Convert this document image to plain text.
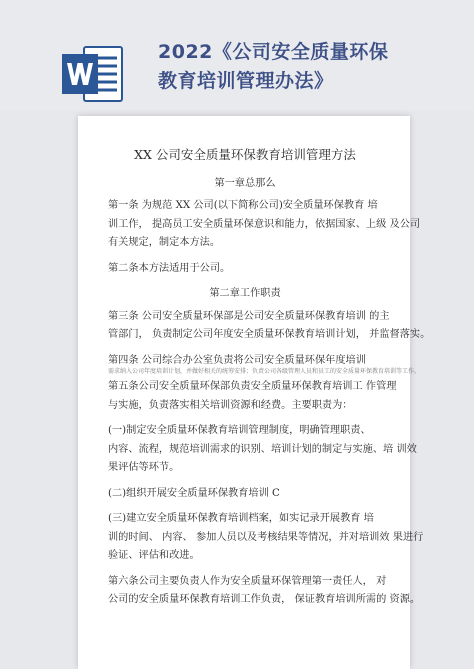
2022《公司安全质量环保
教育培训管理办法》
XX 公司安全质量环保教育培训管理方法
第一章总那么
第一条 为规范 XX 公司(以下简称公司)安全质量环保教育 培
训工作， 提高员工安全质量环保意识和能力，依据国家、上级 及公司
有关规定，制定本方法。
第二条本方法适用于公司。
第二章工作职责
第三条 公司安全质量环保部是公司安全质量环保教育培训 的主
管部门， 负责制定公司年度安全质量环保教育培训计划， 并监督落实。
第四条 公司综合办公室负责将公司安全质量环保年度培训
需求纳入公司年度培训计划，并做好相关的统筹安排；负责公司各级管理人员和员工的安全质量环保教育培训等工作。
第五条公司安全质量环保部负责安全质量环保教育培训工 作管理
与实施，负责落实相关培训资源和经费。主要职责为：
(一)制定安全质量环保教育培训管理制度，明确管理职责、
内容、流程，规范培训需求的识别、培训计划的制定与实施、培 训效
果评估等环节。
(二)组织开展安全质量环保教育培训 C
(三)建立安全质量环保教育培训档案，如实记录开展教育 培
训的时间、 内容、 参加人员以及考核结果等情况，并对培训效 果进行
验证、评估和改进。
第六条公司主要负责人作为安全质量环保管理第一责任人， 对
公司的安全质量环保教育培训工作负责， 保证教育培训所需的 资源。
